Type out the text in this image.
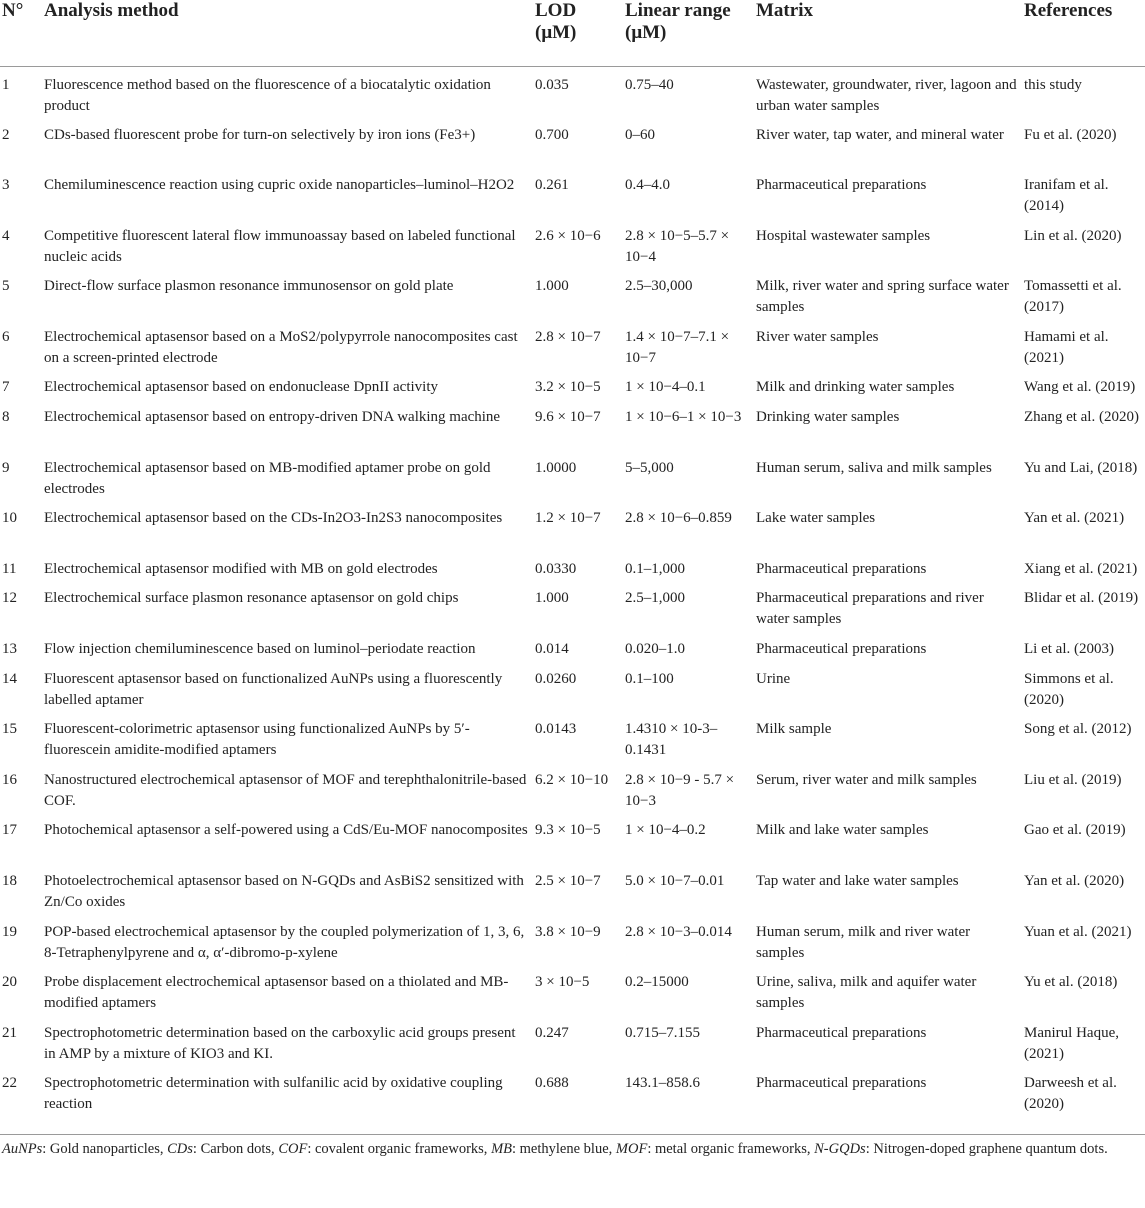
N°	Analysis method	LOD (μM)	Linear range (μM)	Matrix	References
1	Fluorescence method based on the fluorescence of a biocatalytic oxidation product	0.035	0.75–40	Wastewater, groundwater, river, lagoon and urban water samples	this study
2	CDs-based fluorescent probe for turn-on selectively by iron ions (Fe3+)	0.700	0–60	River water, tap water, and mineral water	Fu et al. (2020)
3	Chemiluminescence reaction using cupric oxide nanoparticles–luminol–H2O2	0.261	0.4–4.0	Pharmaceutical preparations	Iranifam et al. (2014)
4	Competitive fluorescent lateral flow immunoassay based on labeled functional nucleic acids	2.6 × 10−6	2.8 × 10−5–5.7 × 10−4	Hospital wastewater samples	Lin et al. (2020)
5	Direct-flow surface plasmon resonance immunosensor on gold plate	1.000	2.5–30,000	Milk, river water and spring surface water samples	Tomassetti et al. (2017)
6	Electrochemical aptasensor based on a MoS2/polypyrrole nanocomposites cast on a screen-printed electrode	2.8 × 10−7	1.4 × 10−7–7.1 × 10−7	River water samples	Hamami et al. (2021)
7	Electrochemical aptasensor based on endonuclease DpnII activity	3.2 × 10−5	1 × 10−4–0.1	Milk and drinking water samples	Wang et al. (2019)
8	Electrochemical aptasensor based on entropy-driven DNA walking machine	9.6 × 10−7	1 × 10−6–1 × 10−3	Drinking water samples	Zhang et al. (2020)
9	Electrochemical aptasensor based on MB-modified aptamer probe on gold electrodes	1.0000	5–5,000	Human serum, saliva and milk samples	Yu and Lai, (2018)
10	Electrochemical aptasensor based on the CDs-In2O3-In2S3 nanocomposites	1.2 × 10−7	2.8 × 10−6–0.859	Lake water samples	Yan et al. (2021)
11	Electrochemical aptasensor modified with MB on gold electrodes	0.0330	0.1–1,000	Pharmaceutical preparations	Xiang et al. (2021)
12	Electrochemical surface plasmon resonance aptasensor on gold chips	1.000	2.5–1,000	Pharmaceutical preparations and river water samples	Blidar et al. (2019)
13	Flow injection chemiluminescence based on luminol–periodate reaction	0.014	0.020–1.0	Pharmaceutical preparations	Li et al. (2003)
14	Fluorescent aptasensor based on functionalized AuNPs using a fluorescently labelled aptamer	0.0260	0.1–100	Urine	Simmons et al. (2020)
15	Fluorescent-colorimetric aptasensor using functionalized AuNPs by 5′-fluorescein amidite-modified aptamers	0.0143	1.4310 × 10-3–0.1431	Milk sample	Song et al. (2012)
16	Nanostructured electrochemical aptasensor of MOF and terephthalonitrile-based COF.	6.2 × 10−10	2.8 × 10−9 - 5.7 × 10−3	Serum, river water and milk samples	Liu et al. (2019)
17	Photochemical aptasensor a self-powered using a CdS/Eu-MOF nanocomposites	9.3 × 10−5	1 × 10−4–0.2	Milk and lake water samples	Gao et al. (2019)
18	Photoelectrochemical aptasensor based on N-GQDs and AsBiS2 sensitized with Zn/Co oxides	2.5 × 10−7	5.0 × 10−7–0.01	Tap water and lake water samples	Yan et al. (2020)
19	POP-based electrochemical aptasensor by the coupled polymerization of 1, 3, 6, 8-Tetraphenylpyrene and α, α′-dibromo-p-xylene	3.8 × 10−9	2.8 × 10−3–0.014	Human serum, milk and river water samples	Yuan et al. (2021)
20	Probe displacement electrochemical aptasensor based on a thiolated and MB-modified aptamers	3 × 10−5	0.2–15000	Urine, saliva, milk and aquifer water samples	Yu et al. (2018)
21	Spectrophotometric determination based on the carboxylic acid groups present in AMP by a mixture of KIO3 and KI.	0.247	0.715–7.155	Pharmaceutical preparations	Manirul Haque, (2021)
22	Spectrophotometric determination with sulfanilic acid by oxidative coupling reaction	0.688	143.1–858.6	Pharmaceutical preparations	Darweesh et al. (2020)
AuNPs: Gold nanoparticles, CDs: Carbon dots, COF: covalent organic frameworks, MB: methylene blue, MOF: metal organic frameworks, N-GQDs: Nitrogen-doped graphene quantum dots.
